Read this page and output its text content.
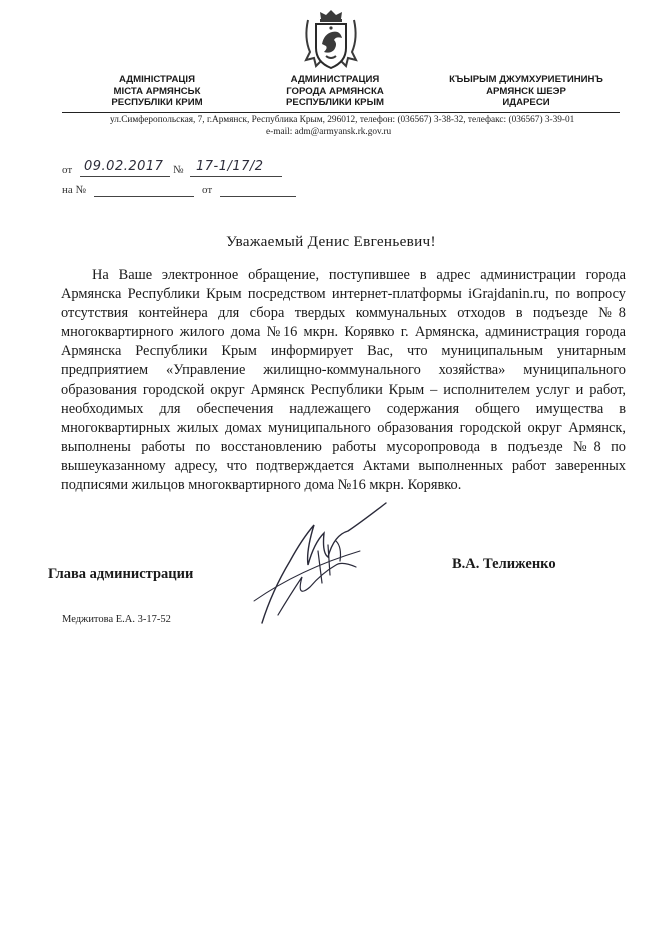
АДМІНІСТРАЦІЯ
МІСТА АРМЯНСЬК
РЕСПУБЛІКИ КРИМ
АДМИНИСТРАЦИЯ
ГОРОДА АРМЯНСКА
РЕСПУБЛИКИ КРЫМ
КЪЫРЫМ ДЖУМХУРИЕТИНИНЪ
АРМЯНСК ШЕЭР
ИДАРЕСИ
ул.Симферопольская, 7, г.Армянск, Республика Крым, 296012, телефон: (036567) 3-38-32, телефакс: (036567) 3-39-01
e-mail: adm@armyansk.rk.gov.ru
от 09.02.2017 № 17-1/17/2
на №	от
Уважаемый Денис Евгеньевич!
На Ваше электронное обращение, поступившее в адрес администрации города Армянска Республики Крым посредством интернет-платформы iGrajdanin.ru, по вопросу отсутствия контейнера для сбора твердых коммунальных отходов в подъезде №8 многоквартирного жилого дома №16 мкрн. Корявко г. Армянска, администрация города Армянска Республики Крым информирует Вас, что муниципальным унитарным предприятием «Управление жилищно-коммунального хозяйства» муниципального образования городской округ Армянск Республики Крым – исполнителем услуг и работ, необходимых для обеспечения надлежащего содержания общего имущества в многоквартирных жилых домах муниципального образования городской округ Армянск, выполнены работы по восстановлению работы мусоропровода в подъезде №8 по вышеуказанному адресу, что подтверждается Актами выполненных работ заверенных подписями жильцов многоквартирного дома №16 мкрн. Корявко.
Глава администрации
В.А. Телиженко
Меджитова Е.А. 3-17-52
